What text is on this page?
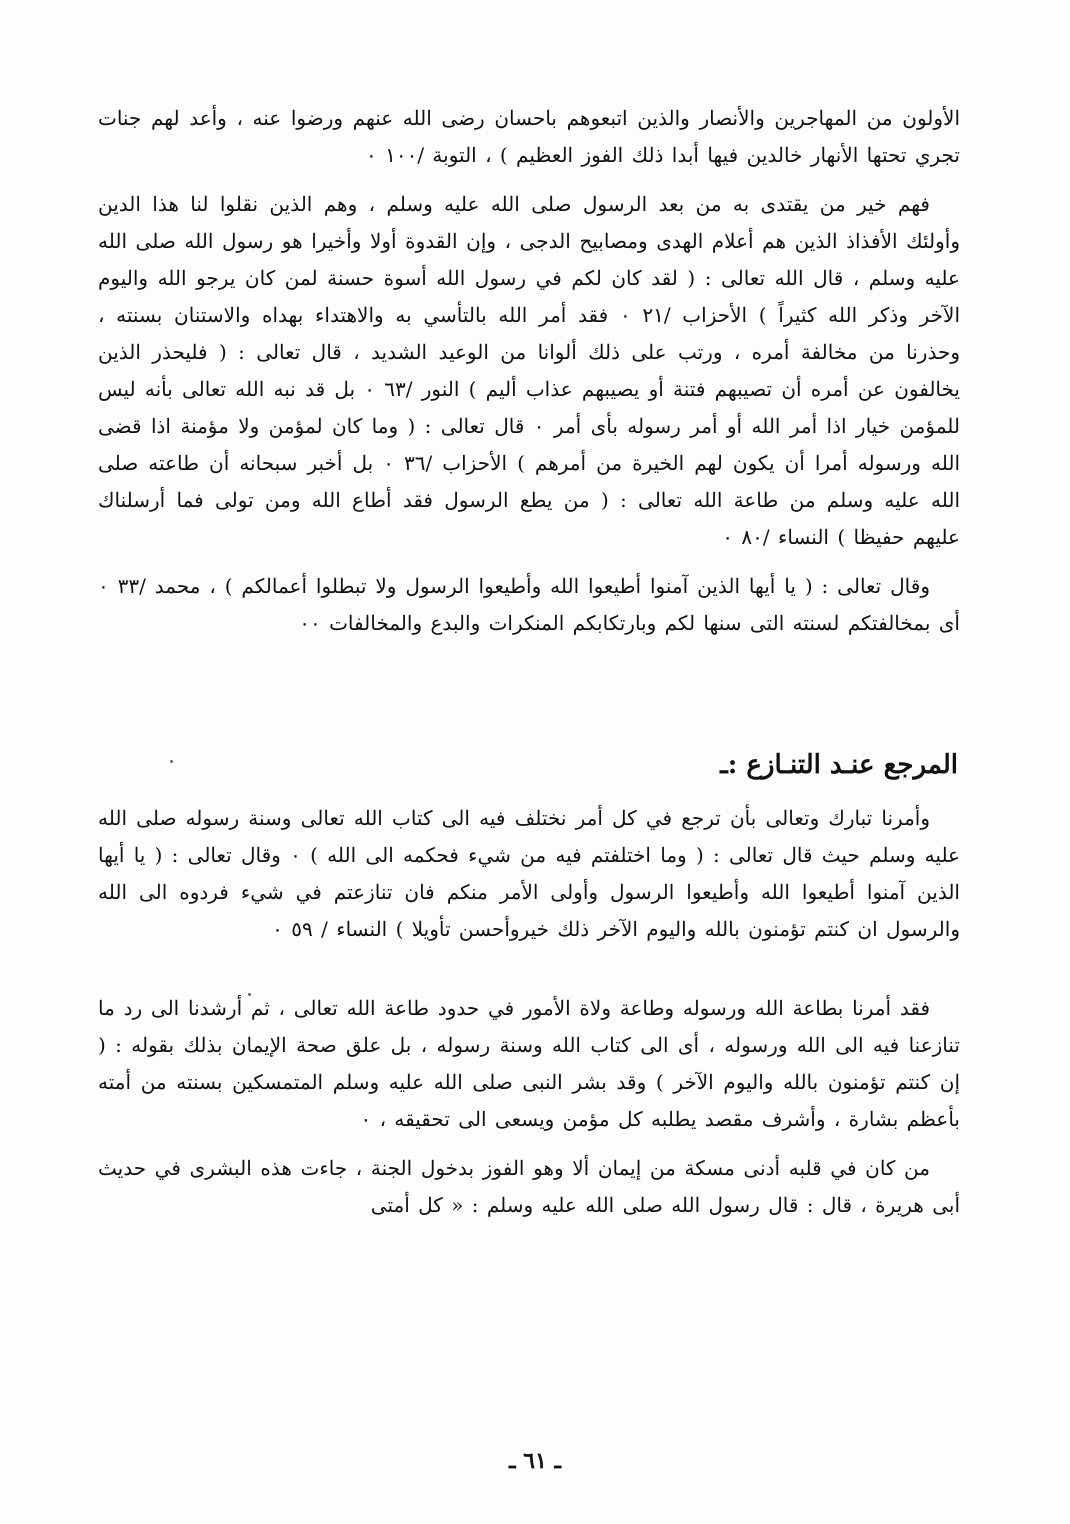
الأولون من المهاجرين والأنصار والذين اتبعوهم باحسان رضى الله عنهم ورضوا عنه ، وأعد لهم جنات تجري تحتها الأنهار خالدين فيها أبدا ذلك الفوز العظيم ) ، التوبة /١٠٠ ٠

فهم خير من يقتدى به من بعد الرسول صلى الله عليه وسلم ، وهم الذين نقلوا لنا هذا الدين وأولئك الأفذاذ الذين هم أعلام الهدى ومصابيح الدجى ، وإن القدوة أولا وأخيرا هو رسول الله صلى الله عليه وسلم ، قال الله تعالى : ( لقد كان لكم في رسول الله أسوة حسنة لمن كان يرجو الله واليوم الآخر وذكر الله كثيراً ) الأحزاب /٢١ ٠ فقد أمر الله بالتأسي به والاهتداء بهداه والاستنان بسنته ، وحذرنا من مخالفة أمره ، ورتب على ذلك ألوانا من الوعيد الشديد ، قال تعالى : ( فليحذر الذين يخالفون عن أمره أن تصيبهم فتنة أو يصيبهم عذاب أليم ) النور /٦٣ ٠ بل قد نبه الله تعالى بأنه ليس للمؤمن خيار اذا أمر الله أو أمر رسوله بأى أمر ٠ قال تعالى : ( وما كان لمؤمن ولا مؤمنة اذا قضى الله ورسوله أمرا أن يكون لهم الخيرة من أمرهم ) الأحزاب /٣٦ ٠ بل أخبر سبحانه أن طاعته صلى الله عليه وسلم من طاعة الله تعالى : ( من يطع الرسول فقد أطاع الله ومن تولى فما أرسلناك عليهم حفيظا ) النساء /٨٠ ٠

وقال تعالى : ( يا أيها الذين آمنوا أطيعوا الله وأطيعوا الرسول ولا تبطلوا أعمالكم ) ، محمد /٣٣ ٠ أى بمخالفتكم لسنته التى سنها لكم وبارتكابكم المنكرات والبدع والمخالفات ٠٠

المرجع عنـد التنـازع :ـ

وأمرنا تبارك وتعالى بأن ترجع في كل أمر نختلف فيه الى كتاب الله تعالى وسنة رسوله صلى الله عليه وسلم حيث قال تعالى : ( وما اختلفتم فيه من شيء فحكمه الى الله ) ٠ وقال تعالى : ( يا أيها الذين آمنوا أطيعوا الله وأطيعوا الرسول وأولى الأمر منكم فان تنازعتم في شيء فردوه الى الله والرسول ان كنتم تؤمنون بالله واليوم الآخر ذلك خيروأحسن تأويلا ) النساء / ٥٩ ٠

فقد أمرنا بطاعة الله ورسوله وطاعة ولاة الأمور في حدود طاعة الله تعالى ، ثم أرشدنا الى رد ما تنازعنا فيه الى الله ورسوله ، أى الى كتاب الله وسنة رسوله ، بل علق صحة الإيمان بذلك بقوله : ( إن كنتم تؤمنون بالله واليوم الآخر ) وقد بشر النبى صلى الله عليه وسلم المتمسكين بسنته من أمته بأعظم بشارة ، وأشرف مقصد يطلبه كل مؤمن ويسعى الى تحقيقه ، ٠

من كان في قلبه أدنى مسكة من إيمان ألا وهو الفوز بدخول الجنة ، جاءت هذه البشرى في حديث أبى هريرة ، قال : قال رسول الله صلى الله عليه وسلم : « كل أمتى

ـ ٦١ ـ
